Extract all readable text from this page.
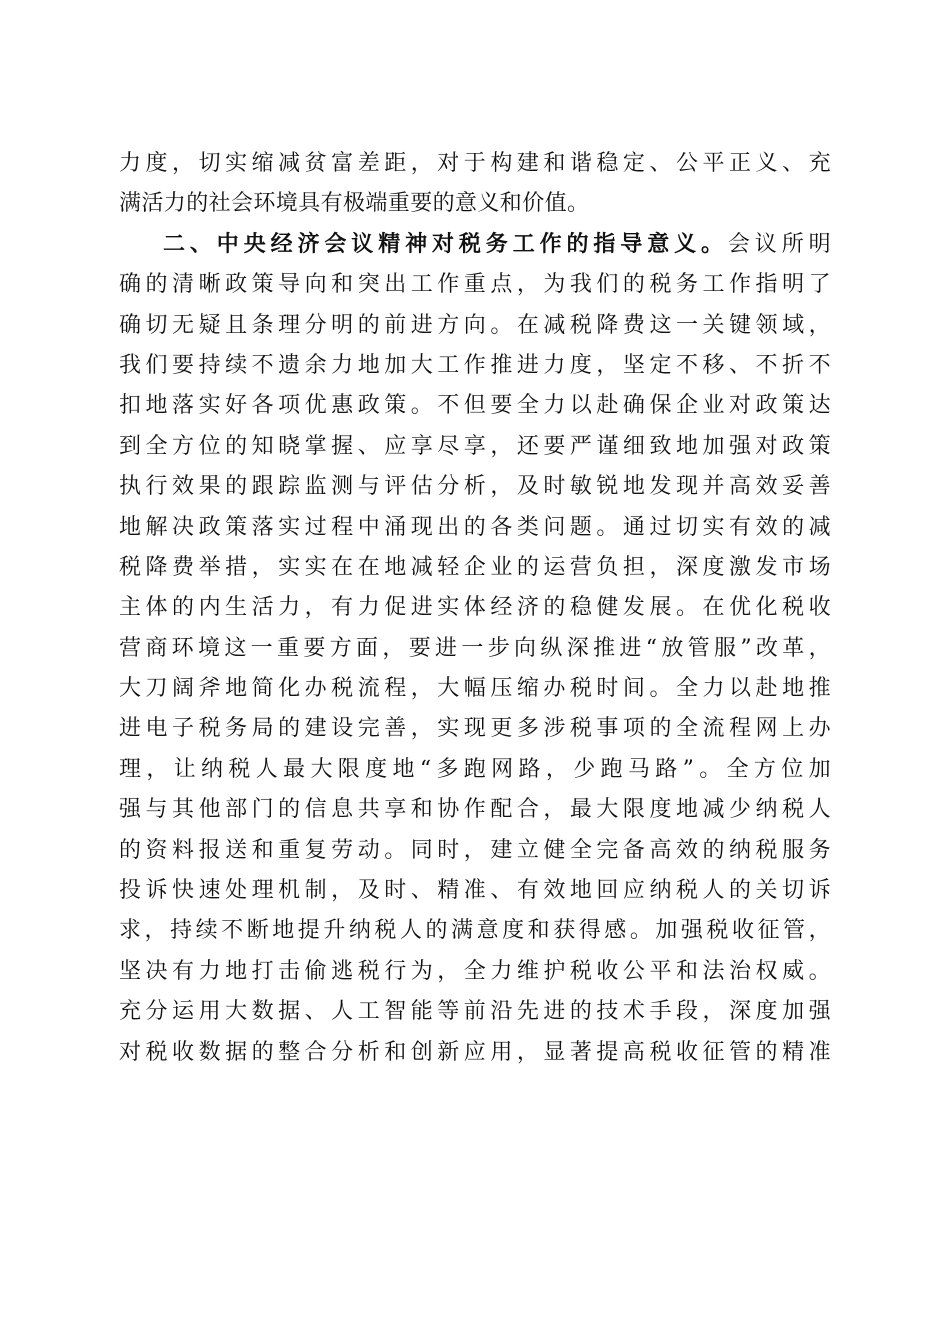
力度，切实缩减贫富差距，对于构建和谐稳定、公平正义、充
满活力的社会环境具有极端重要的意义和价值。
二、中央经济会议精神对税务工作的指导意义。会议所明
确的清晰政策导向和突出工作重点，为我们的税务工作指明了
确切无疑且条理分明的前进方向。在减税降费这一关键领域，
我们要持续不遗余力地加大工作推进力度，坚定不移、不折不
扣地落实好各项优惠政策。不但要全力以赴确保企业对政策达
到全方位的知晓掌握、应享尽享，还要严谨细致地加强对政策
执行效果的跟踪监测与评估分析，及时敏锐地发现并高效妥善
地解决政策落实过程中涌现出的各类问题。通过切实有效的减
税降费举措，实实在在地减轻企业的运营负担，深度激发市场
主体的内生活力，有力促进实体经济的稳健发展。在优化税收
营商环境这一重要方面，要进一步向纵深推进“放管服”改革，
大刀阔斧地简化办税流程，大幅压缩办税时间。全力以赴地推
进电子税务局的建设完善，实现更多涉税事项的全流程网上办
理，让纳税人最大限度地“多跑网路，少跑马路”。全方位加
强与其他部门的信息共享和协作配合，最大限度地减少纳税人
的资料报送和重复劳动。同时，建立健全完备高效的纳税服务
投诉快速处理机制，及时、精准、有效地回应纳税人的关切诉
求，持续不断地提升纳税人的满意度和获得感。加强税收征管，
坚决有力地打击偷逃税行为，全力维护税收公平和法治权威。
充分运用大数据、人工智能等前沿先进的技术手段，深度加强
对税收数据的整合分析和创新应用，显著提高税收征管的精准
